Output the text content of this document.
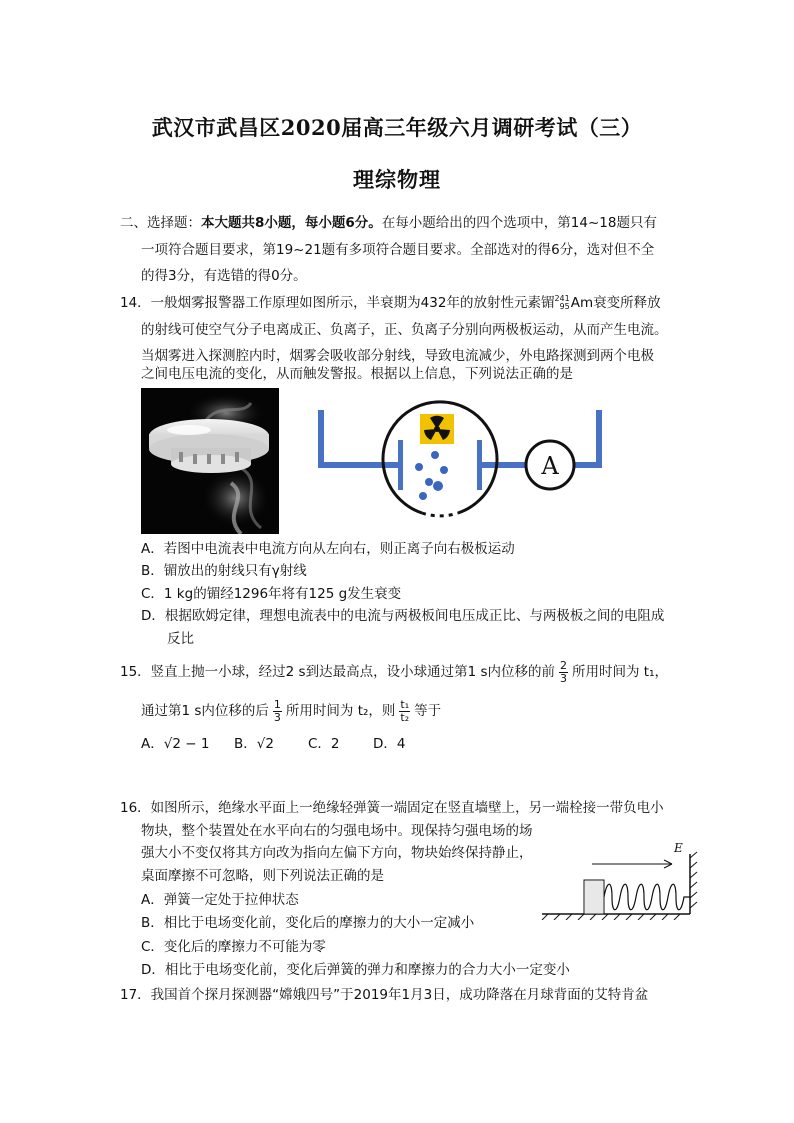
武汉市武昌区2020届高三年级六月调研考试（三）
理综物理
二、选择题：本大题共8小题，每小题6分。在每小题给出的四个选项中，第14~18题只有
一项符合题目要求，第19~21题有多项符合题目要求。全部选对的得6分，选对但不全
的得3分，有选错的得0分。
14．一般烟雾报警器工作原理如图所示，半衰期为432年的放射性元素镅 241
95 Am衰变所释放
的射线可使空气分子电离成正、负离子，正、负离子分别向两极板运动，从而产生电流。
当烟雾进入探测腔内时，烟雾会吸收部分射线，导致电流减少，外电路探测到两个电极
之间电压电流的变化，从而触发警报。根据以上信息，下列说法正确的是
A
A．若图中电流表中电流方向从左向右，则正离子向右极板运动
B．镅放出的射线只有γ射线
C．1 kg的镅经1296年将有125 g发生衰变
D．根据欧姆定律，理想电流表中的电流与两极板间电压成正比、与两极板之间的电阻成
反比
15．竖直上抛一小球，经过2 s到达最高点，设小球通过第1 s内位移的前 $\frac{2}{3}$ 所用时间为 t₁，
通过第1 s内位移的后 $\frac{1}{3}$ 所用时间为 t₂，则 $\frac{\text{t₁}}{\text{t₂}}$ 等于
A．√2 − 1 B．√2	C．2 D．4
16．如图所示，绝缘水平面上一绝缘轻弹簧一端固定在竖直墙壁上，另一端栓接一带负电小
物块，整个装置处在水平向右的匀强电场中。现保持匀强电场的场
强大小不变仅将其方向改为指向左偏下方向，物块始终保持静止，
桌面摩擦不可忽略，则下列说法正确的是
A．弹簧一定处于拉伸状态
B．相比于电场变化前，变化后的摩擦力的大小一定减小
C．变化后的摩擦力不可能为零
D．相比于电场变化前，变化后弹簧的弹力和摩擦力的合力大小一定变小
E
17．我国首个探月探测器“嫦娥四号”于2019年1月3日，成功降落在月球背面的艾特肯盆
